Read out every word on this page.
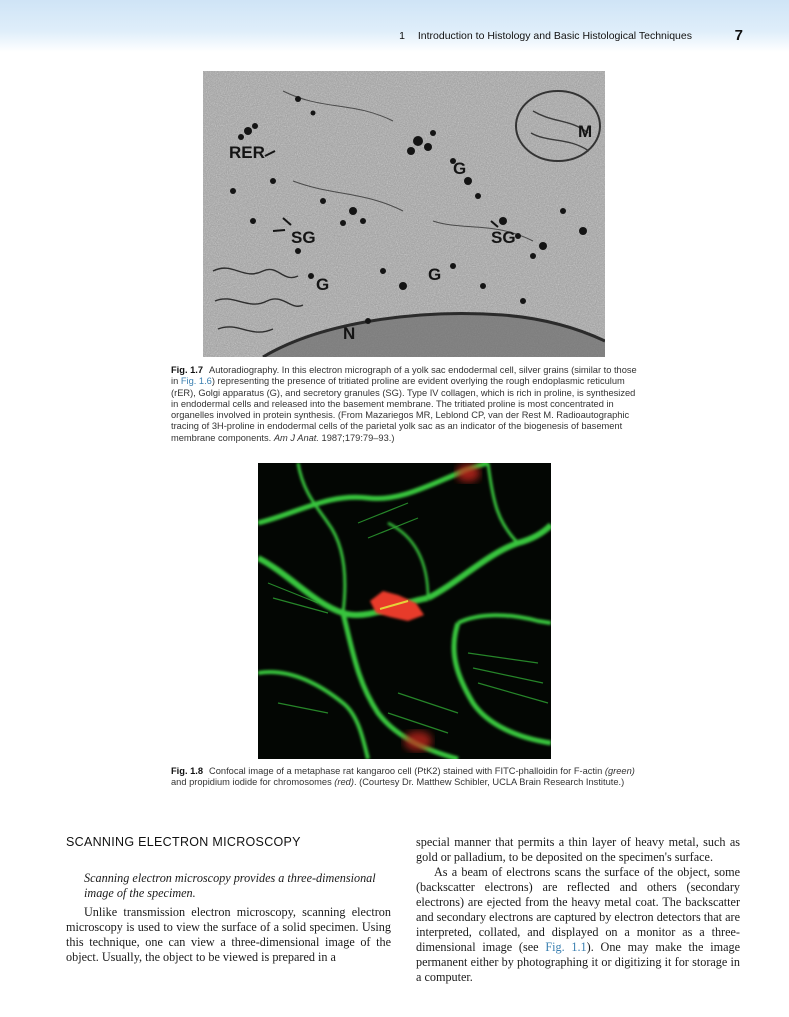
1 Introduction to Histology and Basic Histological Techniques	7
RER
M
G
SG	SG
G
G
N
Fig. 1.7 Autoradiography. In this electron micrograph of a yolk sac endodermal cell, silver grains (similar to those in Fig. 1.6) representing the presence of tritiated proline are evident overlying the rough endoplasmic reticulum (rER), Golgi apparatus (G), and secretory granules (SG). Type IV collagen, which is rich in proline, is synthesized in endodermal cells and released into the basement membrane. The tritiated proline is most concentrated in organelles involved in protein synthesis. (From Mazariegos MR, Leblond CP, van der Rest M. Radioautographic tracing of 3H-proline in endodermal cells of the parietal yolk sac as an indicator of the biogenesis of basement membrane components. Am J Anat. 1987;179:79–93.)
Fig. 1.8 Confocal image of a metaphase rat kangaroo cell (PtK2) stained with FITC-phalloidin for F-actin (green) and propidium iodide for chromosomes (red). (Courtesy Dr. Matthew Schibler, UCLA Brain Research Institute.)
SCANNING ELECTRON MICROSCOPY
Scanning electron microscopy provides a three-dimensional image of the specimen.
Unlike transmission electron microscopy, scanning electron microscopy is used to view the surface of a solid specimen. Using this technique, one can view a three-dimensional image of the object. Usually, the object to be viewed is prepared in a

special manner that permits a thin layer of heavy metal, such as gold or palladium, to be deposited on the specimen's surface.

As a beam of electrons scans the surface of the object, some (backscatter electrons) are reflected and others (secondary electrons) are ejected from the heavy metal coat. The backscatter and secondary electrons are captured by electron detectors that are interpreted, collated, and displayed on a monitor as a three-dimensional image (see Fig. 1.1). One may make the image permanent either by photographing it or digitizing it for storage in a computer.
